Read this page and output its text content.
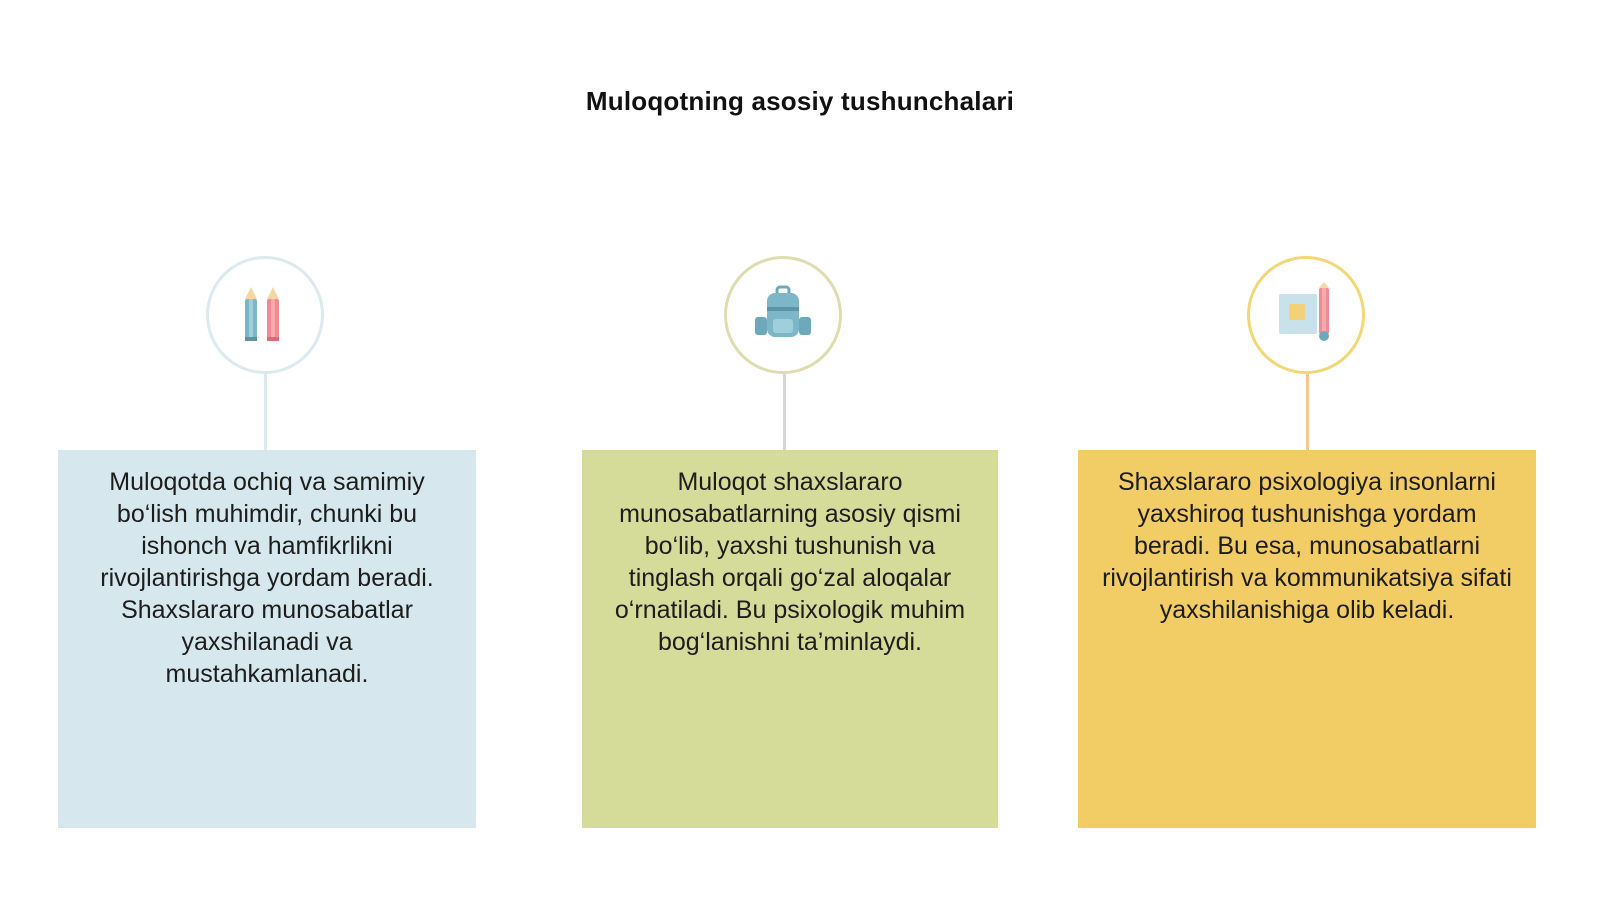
Muloqotning asosiy tushunchalari
Muloqotda ochiq va samimiy bo‘lish muhimdir, chunki bu ishonch va hamfikrlikni rivojlantirishga yordam beradi. Shaxslararo munosabatlar yaxshilanadi va mustahkamlanadi.
Muloqot shaxslararo munosabatlarning asosiy qismi bo‘lib, yaxshi tushunish va tinglash orqali go‘zal aloqalar o‘rnatiladi. Bu psixologik muhim bog‘lanishni ta’minlaydi.
Shaxslararo psixologiya insonlarni yaxshiroq tushunishga yordam beradi. Bu esa, munosabatlarni rivojlantirish va kommunikatsiya sifati yaxshilanishiga olib keladi.
